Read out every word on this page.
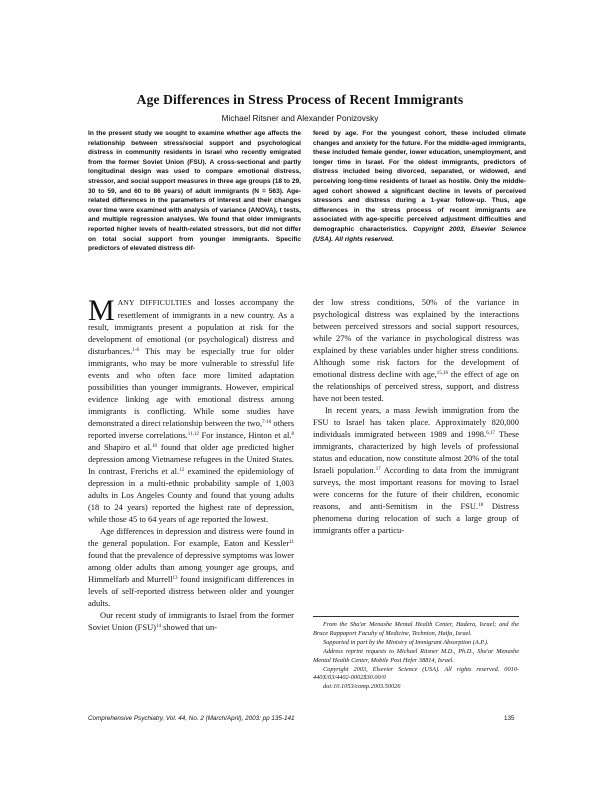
Age Differences in Stress Process of Recent Immigrants
Michael Ritsner and Alexander Ponizovsky
In the present study we sought to examine whether age affects the relationship between stress/social support and psychological distress in community residents in Israel who recently emigrated from the former Soviet Union (FSU). A cross-sectional and partly longitudinal design was used to compare emotional distress, stressor, and social support measures in three age groups (18 to 29, 30 to 59, and 60 to 86 years) of adult immigrants (N = 563). Age-related differences in the parameters of interest and their changes over time were examined with analysis of variance (ANOVA), t tests, and multiple regression analyses. We found that older immigrants reported higher levels of health-related stressors, but did not differ on total social support from younger immigrants. Specific predictors of elevated distress dif-
fered by age. For the youngest cohort, these included climate changes and anxiety for the future. For the middle-aged immigrants, these included female gender, lower education, unemployment, and longer time in Israel. For the oldest immigrants, predictors of distress included being divorced, separated, or widowed, and perceiving long-time residents of Israel as hostile. Only the middle-aged cohort showed a significant decline in levels of perceived stressors and distress during a 1-year follow-up. Thus, age differences in the stress process of recent immigrants are associated with age-specific perceived adjustment difficulties and demographic characteristics. Copyright 2003, Elsevier Science (USA). All rights reserved.

MANY DIFFICULTIES and losses accompany the resettlement of immigrants in a new country. As a result, immigrants present a population at risk for the development of emotional (or psychological) distress and disturbances.$^{1-6}$ This may be especially true for older immigrants, who may be more vulnerable to stressful life events and who often face more limited adaptation possibilities than younger immigrants. However, empirical evidence linking age with emotional distress among immigrants is conflicting. While some studies have demonstrated a direct relationship between the two,$^{7-10}$ others reported inverse correlations.$^{11,12}$ For instance, Hinton et al.$^8$ and Shapiro et al.$^{10}$ found that older age predicted higher depression among Vietnamese refugees in the United States. In contrast, Frerichs et al.$^{12}$ examined the epidemiology of depression in a multi-ethnic probability sample of 1,003 adults in Los Angeles County and found that young adults (18 to 24 years) reported the highest rate of depression, while those 45 to 64 years of age reported the lowest.

Age differences in depression and distress were found in the general population. For example, Eaton and Kessler$^{11}$ found that the prevalence of depressive symptoms was lower among older adults than among younger age groups, and Himmelfarb and Murrell$^{13}$ found insignificant differences in levels of self-reported distress between older and younger adults.

Our recent study of immigrants to Israel from the former Soviet Union (FSU)$^{14}$ showed that un-

der low stress conditions, 50% of the variance in psychological distress was explained by the interactions between perceived stressors and social support resources, while 27% of the variance in psychological distress was explained by these variables under higher stress conditions. Although some risk factors for the development of emotional distress decline with age,$^{15,16}$ the effect of age on the relationships of perceived stress, support, and distress have not been tested.

In recent years, a mass Jewish immigration from the FSU to Israel has taken place. Approximately 820,000 individuals immigrated between 1989 and 1998.$^{6,17}$ These immigrants, characterized by high levels of professional status and education, now constitute almost 20% of the total Israeli population.$^{17}$ According to data from the immigrant surveys, the most important reasons for moving to Israel were concerns for the future of their children, economic reasons, and anti-Semitism in the FSU.$^{18}$ Distress phenomena during relocation of such a large group of immigrants offer a particu-

From the Sha'ar Menashe Mental Health Center, Hadera, Israel; and the Bruce Rappaport Faculty of Medicine, Technion, Haifa, Israel.

Supported in part by the Ministry of Immigrant Absorption (A.P.).

Address reprint requests to Michael Ritsner M.D., Ph.D., Sha'ar Menashe Mental Health Center, Mobile Post Hefer 38814, Israel.

Copyright 2003, Elsevier Science (USA). All rights reserved. 0010-440X/03/4402-0002$30.00/0

doi:10.1053/comp.2003.50026

Comprehensive Psychiatry, Vol. 44, No. 2 (March/April), 2003: pp 135-141	135
